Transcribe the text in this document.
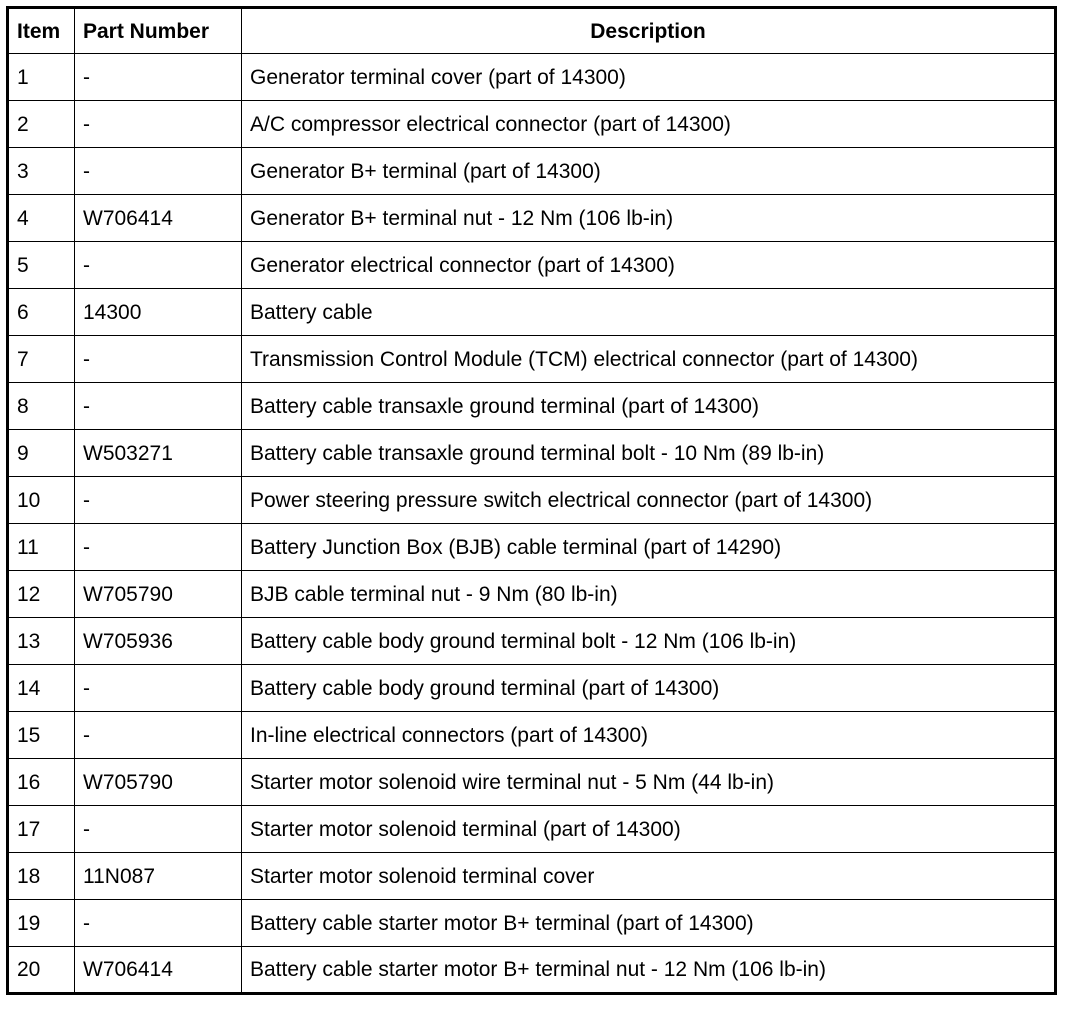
Item	Part Number	Description
1	-	Generator terminal cover (part of 14300)
2	-	A/C compressor electrical connector (part of 14300)
3	-	Generator B+ terminal (part of 14300)
4	W706414	Generator B+ terminal nut - 12 Nm (106 lb-in)
5	-	Generator electrical connector (part of 14300)
6	14300	Battery cable
7	-	Transmission Control Module (TCM) electrical connector (part of 14300)
8	-	Battery cable transaxle ground terminal (part of 14300)
9	W503271	Battery cable transaxle ground terminal bolt - 10 Nm (89 lb-in)
10	-	Power steering pressure switch electrical connector (part of 14300)
11	-	Battery Junction Box (BJB) cable terminal (part of 14290)
12	W705790	BJB cable terminal nut - 9 Nm (80 lb-in)
13	W705936	Battery cable body ground terminal bolt - 12 Nm (106 lb-in)
14	-	Battery cable body ground terminal (part of 14300)
15	-	In-line electrical connectors (part of 14300)
16	W705790	Starter motor solenoid wire terminal nut - 5 Nm (44 lb-in)
17	-	Starter motor solenoid terminal (part of 14300)
18	11N087	Starter motor solenoid terminal cover
19	-	Battery cable starter motor B+ terminal (part of 14300)
20	W706414	Battery cable starter motor B+ terminal nut - 12 Nm (106 lb-in)
